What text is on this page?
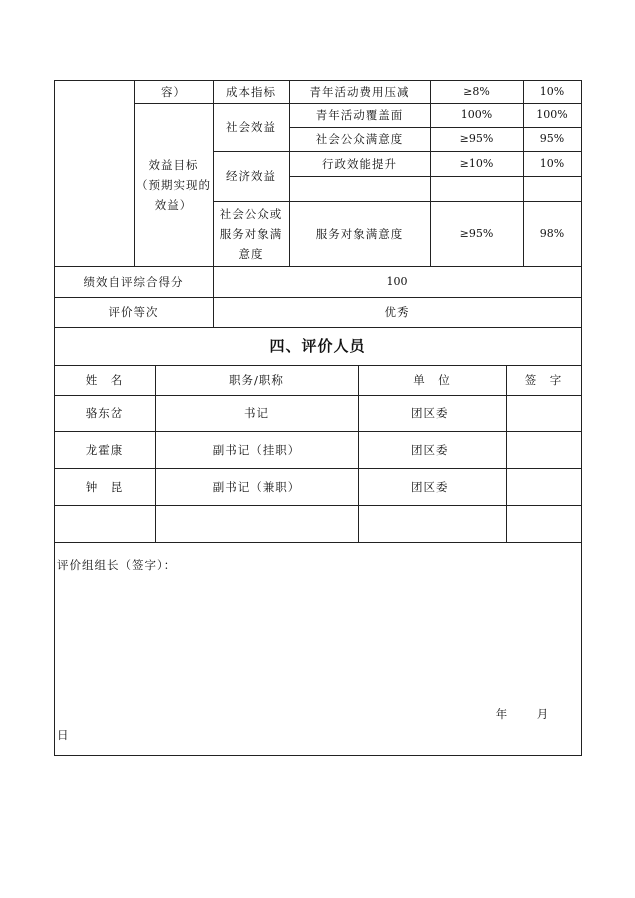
容）	成本指标	青年活动费用压减	≥8%	10%
效益目标
（预期实现的
效益）
社会效益
青年活动覆盖面	100%	100%
社会公众满意度	≥95%	95%
经济效益
行政效能提升	≥10%	10%
社会公众或
服务对象满
意度
服务对象满意度	≥95%	98%
绩效自评综合得分	100
评价等次	优秀
四、评价人员
姓　名	职务/职称	单　位	签　字
骆东岔	书记	团区委
龙霍康	副书记（挂职）	团区委
钟　昆	副书记（兼职）	团区委
评价组组长（签字）：
年	月
日
